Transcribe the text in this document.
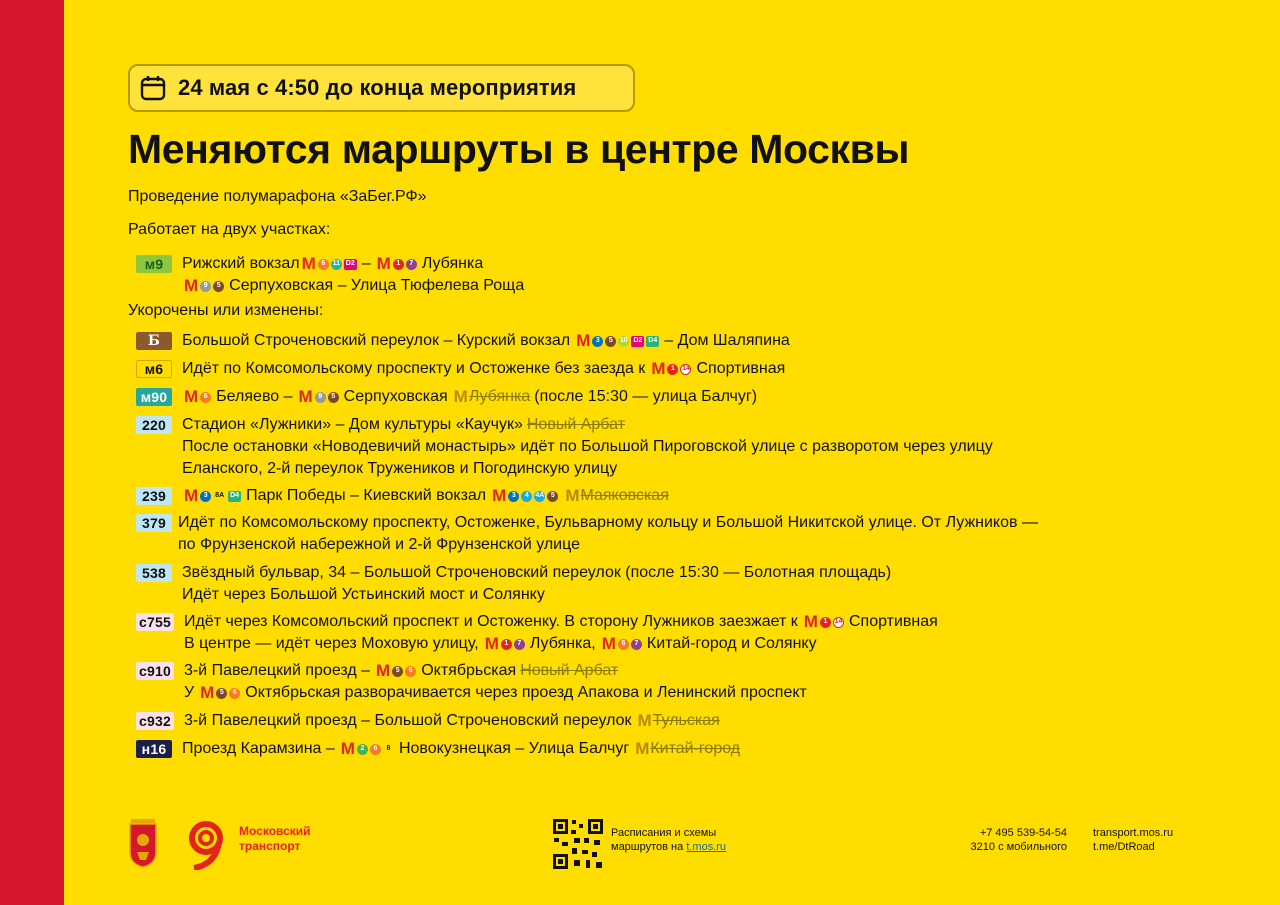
24 мая с 4:50 до конца мероприятия
Меняются маршруты в центре Москвы
Проведение полумарафона «ЗаБег.РФ»
Работает на двух участках:
м9	Рижский вокзал М 6	11 D2 – М 1	7 Лубянка
М 9	5 Серпуховская – Улица Тюфелева Роща
Укорочены или изменены:
Б	Большой Строченовский переулок – Курский вокзал М 3	5	10 D2 D4 – Дом Шаляпина
м6	Идёт по Комсомольскому проспекту и Остоженке без заезда к М 1	14 Спортивная
м90 М 6 Беляево – М 9	5 Серпуховская М Лубянка (после 15:30 — улица Балчуг)
220	Стадион «Лужники» – Дом культуры «Каучук» Новый Арбат
После остановки «Новодевичий монастырь» идёт по Большой Пироговской улице с разворотом через улицу
Еланского, 2-й переулок Тружеников и Погодинскую улицу
239	М 3	8А D4 Парк Победы – Киевский вокзал М 3	4 4А 5 М Маяковская
379 Идёт по Комсомольскому проспекту, Остоженке, Бульварному кольцу и Большой Никитской улице. От Лужников —
по Фрунзенской набережной и 2-й Фрунзенской улице
538	Звёздный бульвар, 34 – Большой Строченовский переулок (после 15:30 — Болотная площадь)
Идёт через Большой Устьинский мост и Солянку
с755 Идёт через Комсомольский проспект и Остоженку. В сторону Лужников заезжает к М 1	14 Спортивная
В центре — идёт через Моховую улицу, М 1	7 Лубянка, М 6	7 Китай-город и Солянку
с910 3-й Павелецкий проезд – М 5	6 Октябрьская Новый Арбат
У М 5	6 Октябрьская разворачивается через проезд Апакова и Ленинский проспект
с932 3-й Павелецкий проезд – Большой Строченовский переулок М Тульская
н16 Проезд Карамзина – М 2	6	8 Новокузнецкая – Улица Балчуг М Китай-город
Московский
транспорт
Расписания и схемы
маршрутов на t.mos.ru
+7 495 539-54-54
3210 с мобильного
transport.mos.ru
t.me/DtRoad
